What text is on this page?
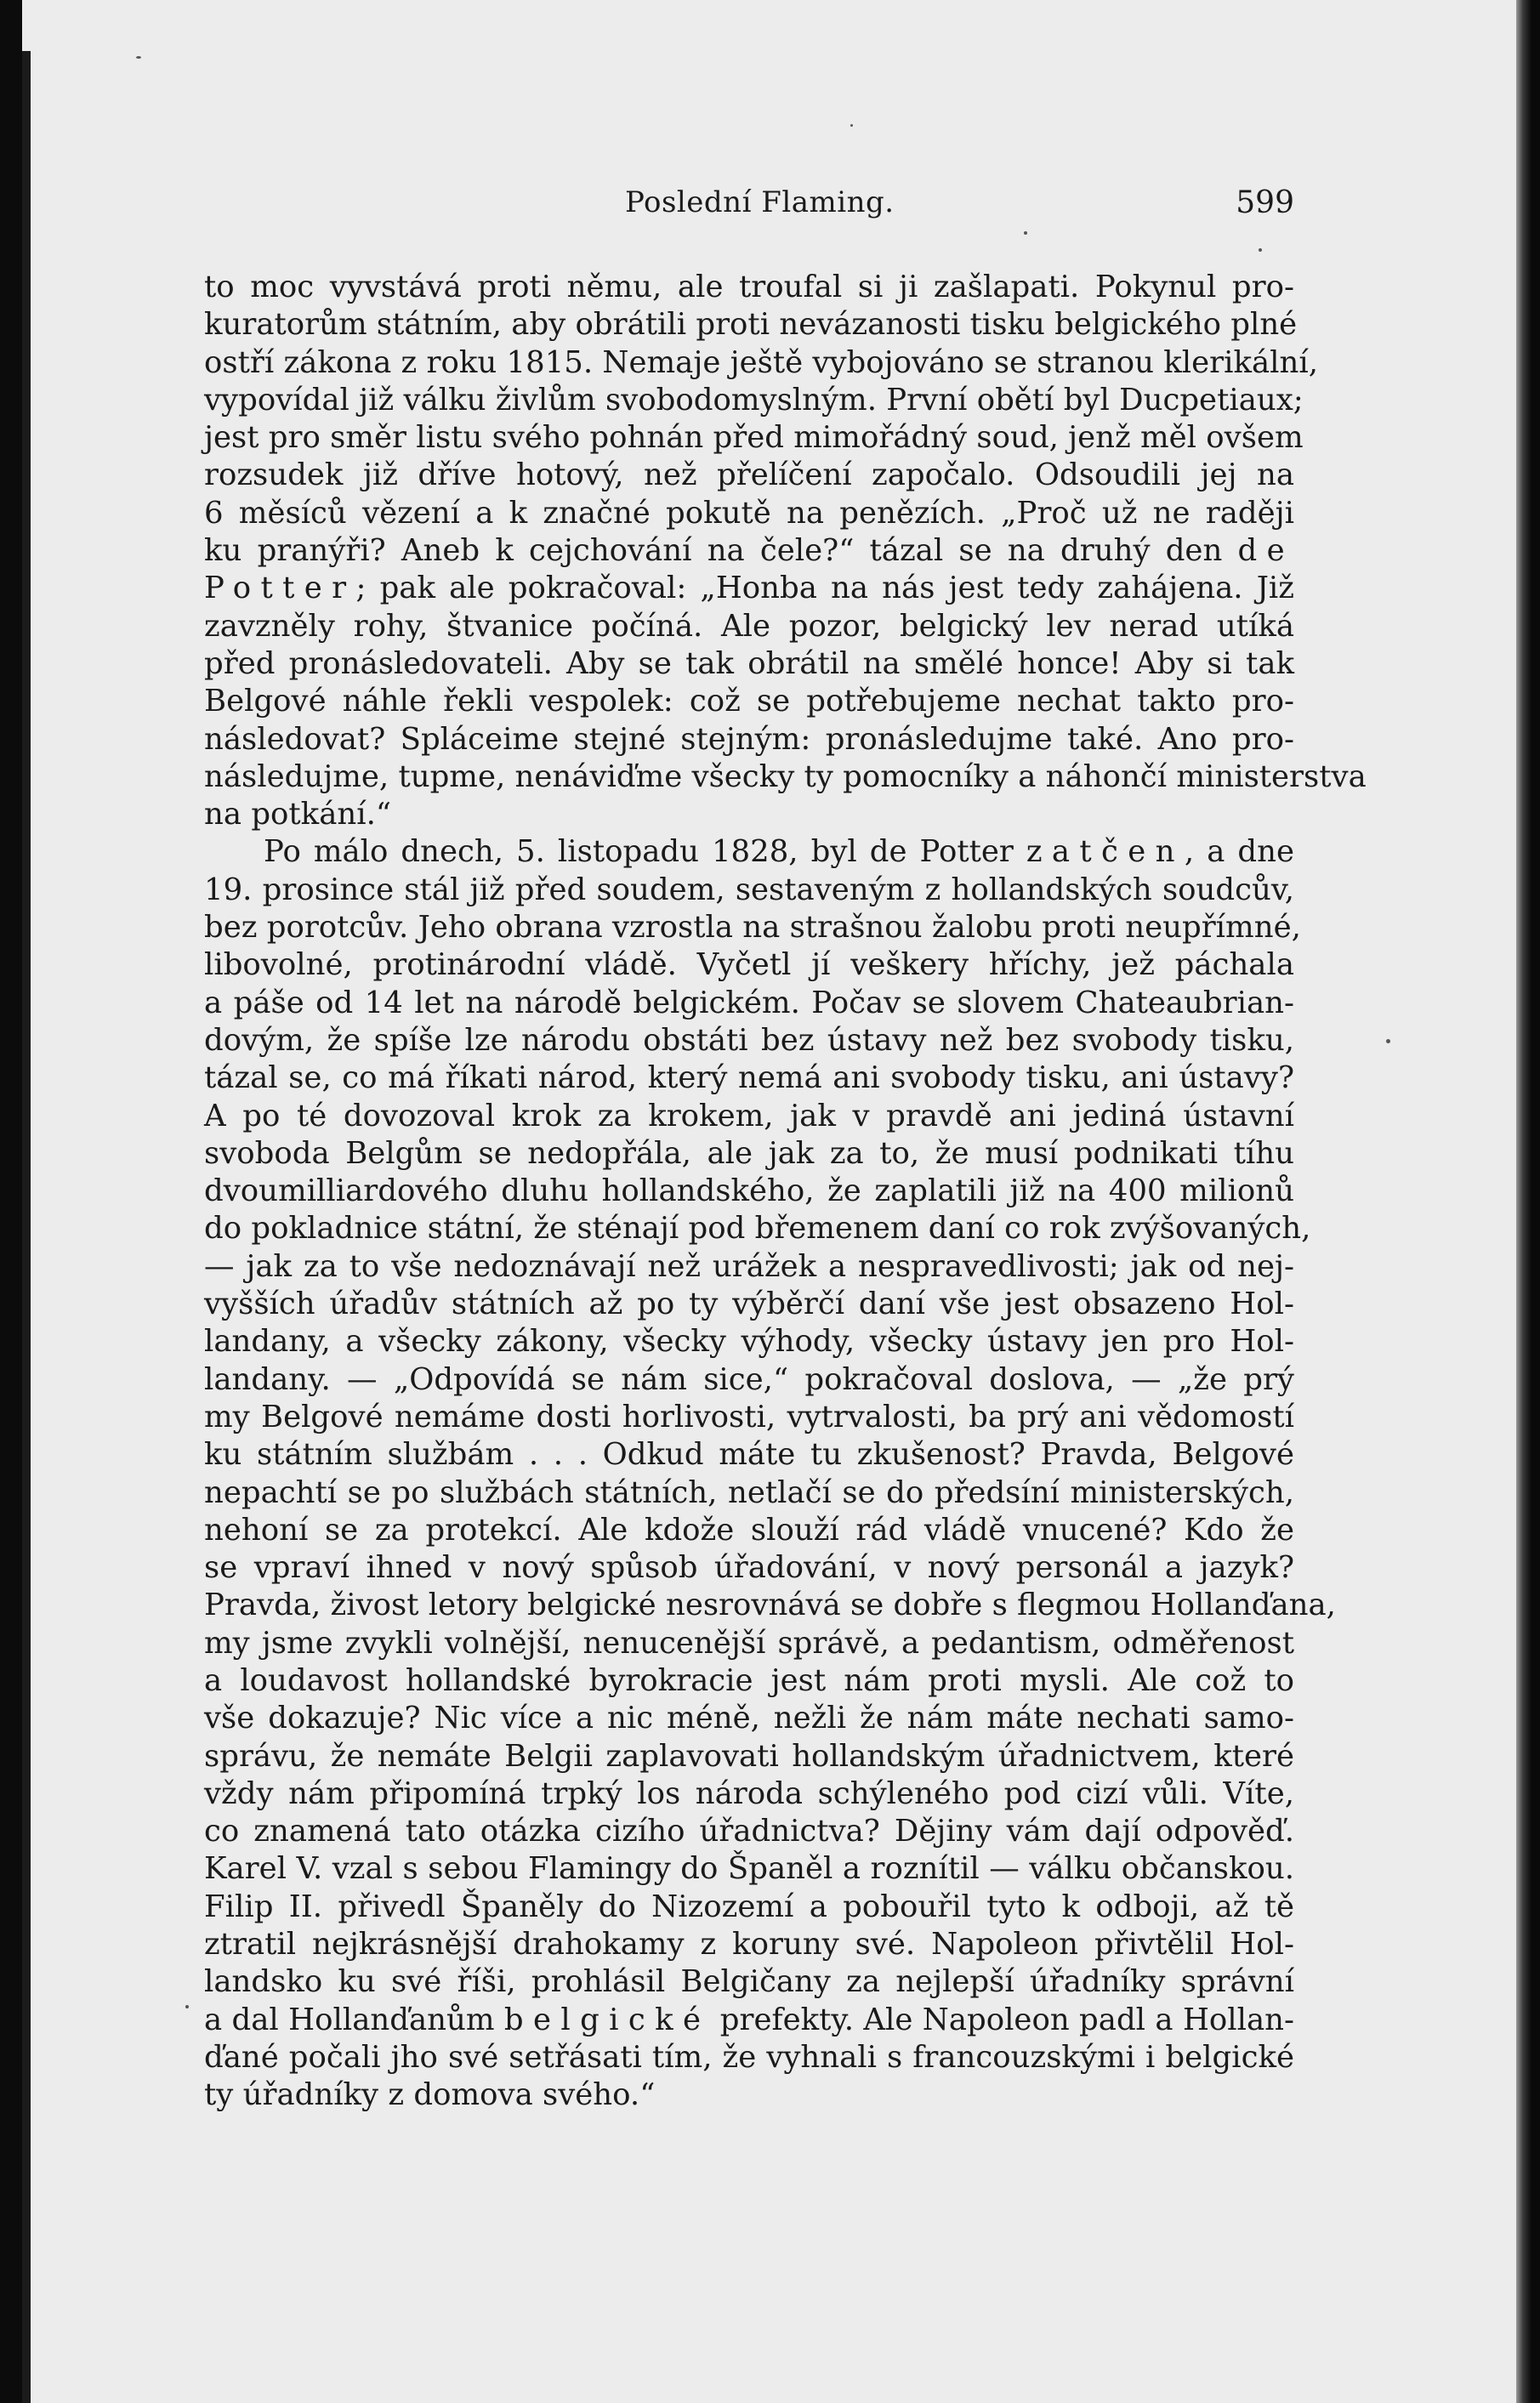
Poslední Flaming.	599
to moc vyvstává proti němu, ale troufal si ji zašlapati. Pokynul pro-
kuratorům státním, aby obrátili proti nevázanosti tisku belgického plné
ostří zákona z roku 1815. Nemaje ještě vybojováno se stranou klerikální,
vypovídal již válku živlům svobodomyslným. První obětí byl Ducpetiaux;
jest pro směr listu svého pohnán před mimořádný soud, jenž měl ovšem
rozsudek již dříve hotový, než přelíčení započalo. Odsoudili jej na
6 měsíců vězení a k značné pokutě na penězích. „Proč už ne raději
ku pranýři? Aneb k cejchování na čele?“ tázal se na druhý den de
Potter; pak ale pokračoval: „Honba na nás jest tedy zahájena. Již
zavzněly rohy, štvanice počíná. Ale pozor, belgický lev nerad utíká
před pronásledovateli. Aby se tak obrátil na smělé honce! Aby si tak
Belgové náhle řekli vespolek: což se potřebujeme nechat takto pro-
následovat? Spláceime stejné stejným: pronásledujme také. Ano pro-
následujme, tupme, nenáviďme všecky ty pomocníky a náhončí ministerstva
na potkání.“
Po málo dnech, 5. listopadu 1828, byl de Potter zatčen, a dne
19. prosince stál již před soudem, sestaveným z hollandských soudcův,
bez porotcův. Jeho obrana vzrostla na strašnou žalobu proti neupřímné,
libovolné, protinárodní vládě. Vyčetl jí veškery hříchy, jež páchala
a páše od 14 let na národě belgickém. Počav se slovem Chateaubrian-
dovým, že spíše lze národu obstáti bez ústavy než bez svobody tisku,
tázal se, co má říkati národ, který nemá ani svobody tisku, ani ústavy?
A po té dovozoval krok za krokem, jak v pravdě ani jediná ústavní
svoboda Belgům se nedopřála, ale jak za to, že musí podnikati tíhu
dvoumilliardového dluhu hollandského, že zaplatili již na 400 milionů
do pokladnice státní, že sténají pod břemenem daní co rok zvýšovaných,
— jak za to vše nedoznávají než urážek a nespravedlivosti; jak od nej-
vyšších úřadův státních až po ty výběrčí daní vše jest obsazeno Hol-
landany, a všecky zákony, všecky výhody, všecky ústavy jen pro Hol-
landany. — „Odpovídá se nám sice,“ pokračoval doslova, — „že prý
my Belgové nemáme dosti horlivosti, vytrvalosti, ba prý ani vědomostí
ku státním službám . . . Odkud máte tu zkušenost? Pravda, Belgové
nepachtí se po službách státních, netlačí se do předsíní ministerských,
nehoní se za protekcí. Ale kdože slouží rád vládě vnucené? Kdo že
se vpraví ihned v nový spůsob úřadování, v nový personál a jazyk?
Pravda, živost letory belgické nesrovnává se dobře s flegmou Hollanďana,
my jsme zvykli volnější, nenucenější správě, a pedantism, odměřenost
a loudavost hollandské byrokracie jest nám proti mysli. Ale což to
vše dokazuje? Nic více a nic méně, nežli že nám máte nechati samo-
správu, že nemáte Belgii zaplavovati hollandským úřadnictvem, které
vždy nám připomíná trpký los národa schýleného pod cizí vůli. Víte,
co znamená tato otázka cizího úřadnictva? Dějiny vám dají odpověď.
Karel V. vzal s sebou Flamingy do Španěl a roznítil — válku občanskou.
Filip II. přivedl Španěly do Nizozemí a pobouřil tyto k odboji, až tě
ztratil nejkrásnější drahokamy z koruny své. Napoleon přivtělil Hol-
landsko ku své říši, prohlásil Belgičany za nejlepší úřadníky správní
a dal Hollanďanům belgické prefekty. Ale Napoleon padl a Hollan-
ďané počali jho své setřásati tím, že vyhnali s francouzskými i belgické
ty úřadníky z domova svého.“
